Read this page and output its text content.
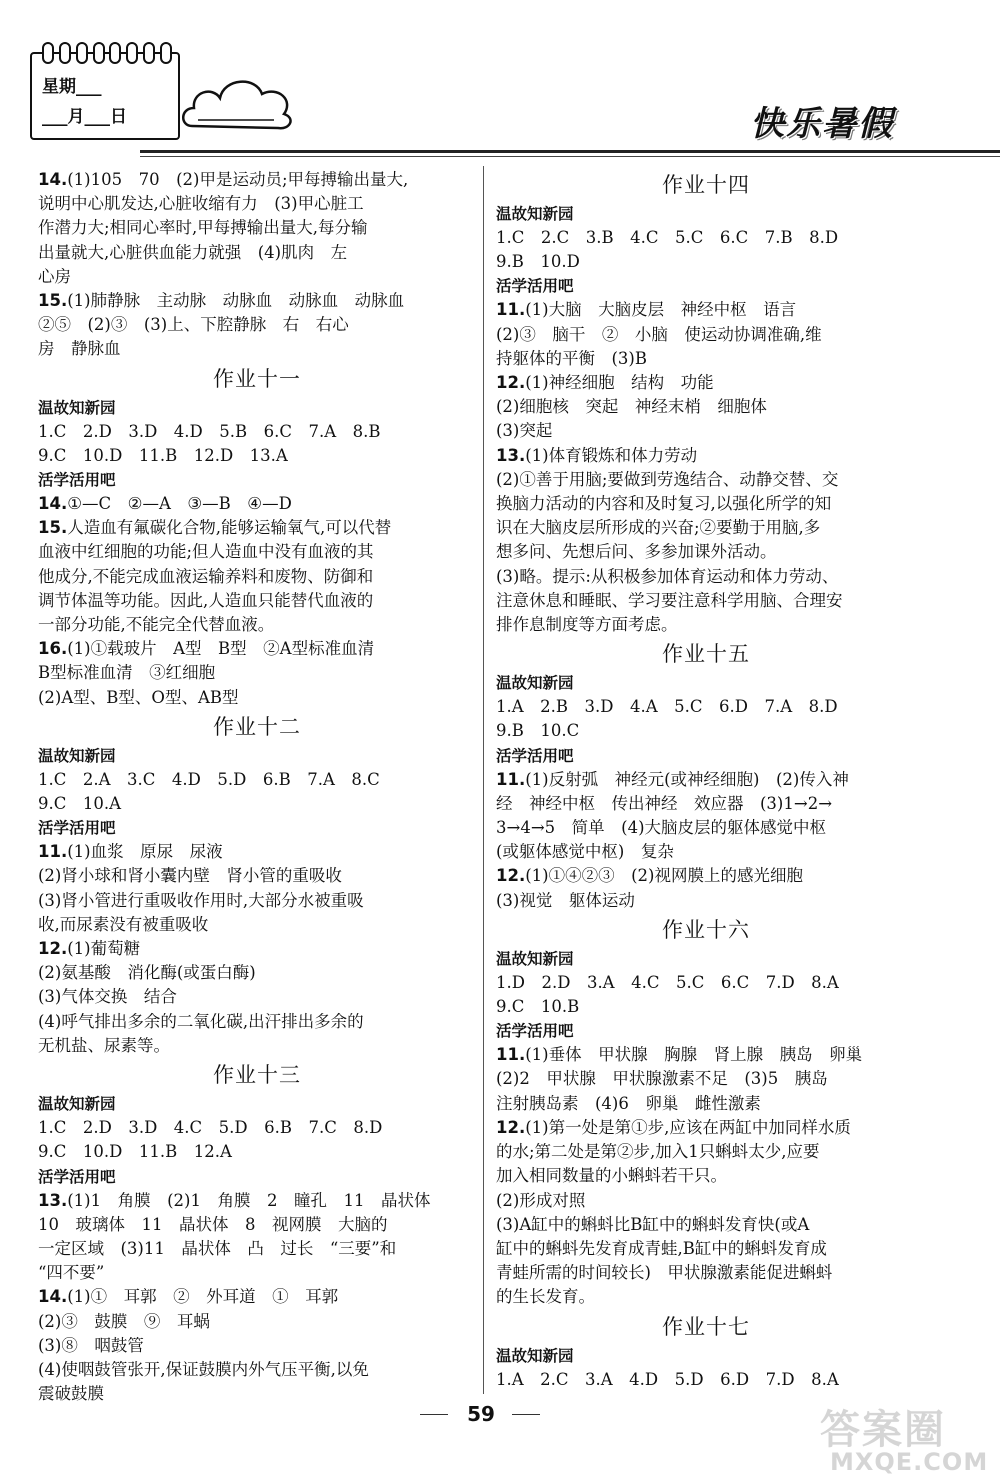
星期___
___月___日	快乐暑假
14.(1)105　70　(2)甲是运动员;甲每搏输出量大,
说明中心肌发达,心脏收缩有力　(3)甲心脏工
作潜力大;相同心率时,甲每搏输出量大,每分输
出量就大,心脏供血能力就强　(4)肌肉　左
心房
15.(1)肺静脉　主动脉　动脉血　动脉血　动脉血
②⑤　(2)③　(3)上、下腔静脉　右　右心
房　静脉血
作业十一
温故知新园
1.C　2.D　3.D　4.D　5.B　6.C　7.A　8.B
9.C　10.D　11.B　12.D　13.A
活学活用吧
14.①—C　②—A　③—B　④—D
15.人造血有氟碳化合物,能够运输氧气,可以代替
血液中红细胞的功能;但人造血中没有血液的其
他成分,不能完成血液运输养料和废物、防御和
调节体温等功能。因此,人造血只能替代血液的
一部分功能,不能完全代替血液。
16.(1)①载玻片　A型　B型　②A型标准血清
B型标准血清　③红细胞
(2)A型、B型、O型、AB型
作业十二
温故知新园
1.C　2.A　3.C　4.D　5.D　6.B　7.A　8.C
9.C　10.A
活学活用吧
11.(1)血浆　原尿　尿液
(2)肾小球和肾小囊内壁　肾小管的重吸收
(3)肾小管进行重吸收作用时,大部分水被重吸
收,而尿素没有被重吸收
12.(1)葡萄糖
(2)氨基酸　消化酶(或蛋白酶)
(3)气体交换　结合
(4)呼气排出多余的二氧化碳,出汗排出多余的
无机盐、尿素等。
作业十三
温故知新园
1.C　2.D　3.D　4.C　5.D　6.B　7.C　8.D
9.C　10.D　11.B　12.A
活学活用吧
13.(1)1　角膜　(2)1　角膜　2　瞳孔　11　晶状体
10　玻璃体　11　晶状体　8　视网膜　大脑的
一定区域　(3)11　晶状体　凸　过长　“三要”和
“四不要”
14.(1)①　耳郭　②　外耳道　①　耳郭
(2)③　鼓膜　⑨　耳蜗
(3)⑧　咽鼓管
(4)使咽鼓管张开,保证鼓膜内外气压平衡,以免
震破鼓膜
作业十四
温故知新园
1.C　2.C　3.B　4.C　5.C　6.C　7.B　8.D
9.B　10.D
活学活用吧
11.(1)大脑　大脑皮层　神经中枢　语言
(2)③　脑干　②　小脑　使运动协调准确,维
持躯体的平衡　(3)B
12.(1)神经细胞　结构　功能
(2)细胞核　突起　神经末梢　细胞体
(3)突起
13.(1)体育锻炼和体力劳动
(2)①善于用脑;要做到劳逸结合、动静交替、交
换脑力活动的内容和及时复习,以强化所学的知
识在大脑皮层所形成的兴奋;②要勤于用脑,多
想多问、先想后问、多参加课外活动。
(3)略。提示:从积极参加体育运动和体力劳动、
注意休息和睡眠、学习要注意科学用脑、合理安
排作息制度等方面考虑。
作业十五
温故知新园
1.A　2.B　3.D　4.A　5.C　6.D　7.A　8.D
9.B　10.C
活学活用吧
11.(1)反射弧　神经元(或神经细胞)　(2)传入神
经　神经中枢　传出神经　效应器　(3)1→2→
3→4→5　简单　(4)大脑皮层的躯体感觉中枢
(或躯体感觉中枢)　复杂
12.(1)①④②③　(2)视网膜上的感光细胞
(3)视觉　躯体运动
作业十六
温故知新园
1.D　2.D　3.A　4.C　5.C　6.C　7.D　8.A
9.C　10.B
活学活用吧
11.(1)垂体　甲状腺　胸腺　肾上腺　胰岛　卵巢
(2)2　甲状腺　甲状腺激素不足　(3)5　胰岛
注射胰岛素　(4)6　卵巢　雌性激素
12.(1)第一处是第①步,应该在两缸中加同样水质
的水;第二处是第②步,加入1只蝌蚪太少,应要
加入相同数量的小蝌蚪若干只。
(2)形成对照
(3)A缸中的蝌蚪比B缸中的蝌蚪发育快(或A
缸中的蝌蚪先发育成青蛙,B缸中的蝌蚪发育成
青蛙所需的时间较长)　甲状腺激素能促进蝌蚪
的生长发育。
作业十七
温故知新园
1.A　2.C　3.A　4.D　5.D　6.D　7.D　8.A
59	答案圈
MXQE.COM
